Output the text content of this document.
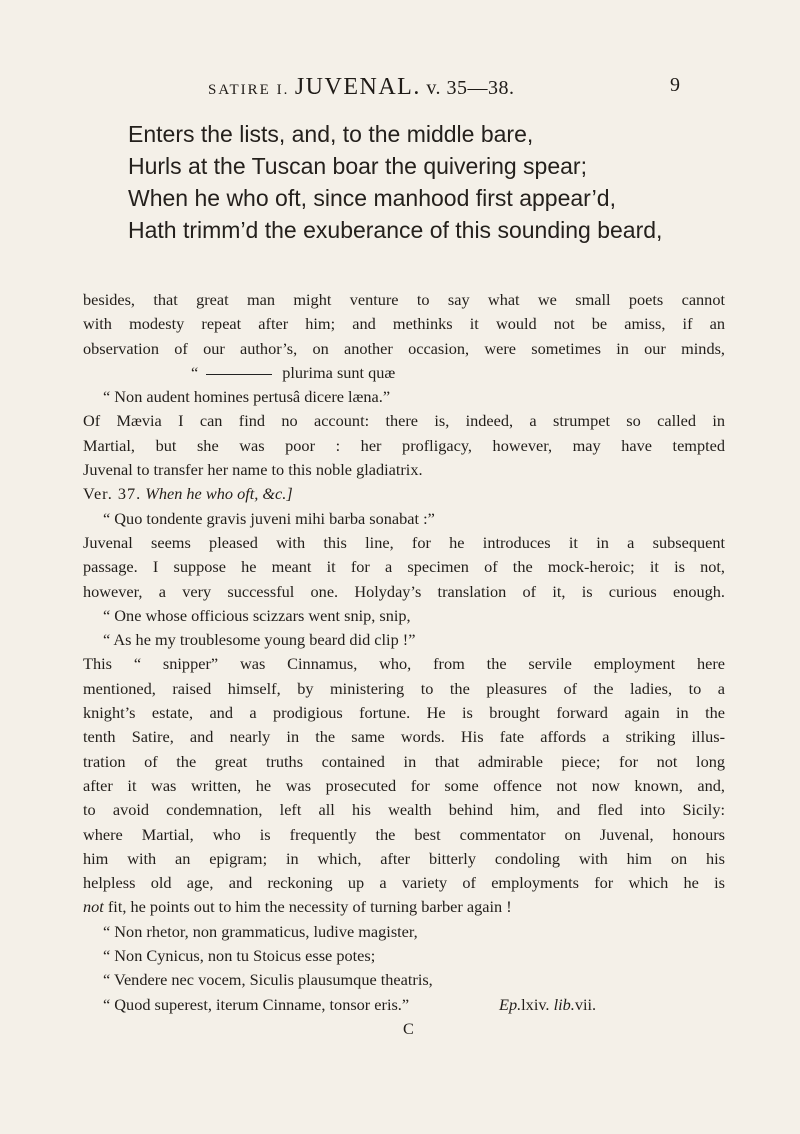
SATIRE I. JUVENAL. v. 35—38.	9
Enters the lists, and, to the middle bare,
Hurls at the Tuscan boar the quivering spear;
When he who oft, since manhood first appear’d,
Hath trimm’d the exuberance of this sounding beard,
besides, that great man might venture to say what we small poets cannot
with modesty repeat after him; and methinks it would not be amiss, if an
observation of our author’s, on another occasion, were sometimes in our minds,
“	plurima sunt quæ
“ Non audent homines pertusâ dicere læna.”
Of Mævia I can find no account: there is, indeed, a strumpet so called in
Martial, but she was poor : her profligacy, however, may have tempted
Juvenal to transfer her name to this noble gladiatrix.
Ver. 37. When he who oft, &c.]
“ Quo tondente gravis juveni mihi barba sonabat :”
Juvenal seems pleased with this line, for he introduces it in a subsequent
passage. I suppose he meant it for a specimen of the mock-heroic; it is not,
however, a very successful one. Holyday’s translation of it, is curious enough.
“ One whose officious scizzars went snip, snip,
“ As he my troublesome young beard did clip !”
This “ snipper” was Cinnamus, who, from the servile employment here
mentioned, raised himself, by ministering to the pleasures of the ladies, to a
knight’s estate, and a prodigious fortune. He is brought forward again in the
tenth Satire, and nearly in the same words. His fate affords a striking illus-
tration of the great truths contained in that admirable piece; for not long
after it was written, he was prosecuted for some offence not now known, and,
to avoid condemnation, left all his wealth behind him, and fled into Sicily:
where Martial, who is frequently the best commentator on Juvenal, honours
him with an epigram; in which, after bitterly condoling with him on his
helpless old age, and reckoning up a variety of employments for which he is
not fit, he points out to him the necessity of turning barber again !
“ Non rhetor, non grammaticus, ludive magister,
“ Non Cynicus, non tu Stoicus esse potes;
“ Vendere nec vocem, Siculis plausumque theatris,
“ Quod superest, iterum Cinname, tonsor eris.”	Ep.lxiv. lib.vii.
C
